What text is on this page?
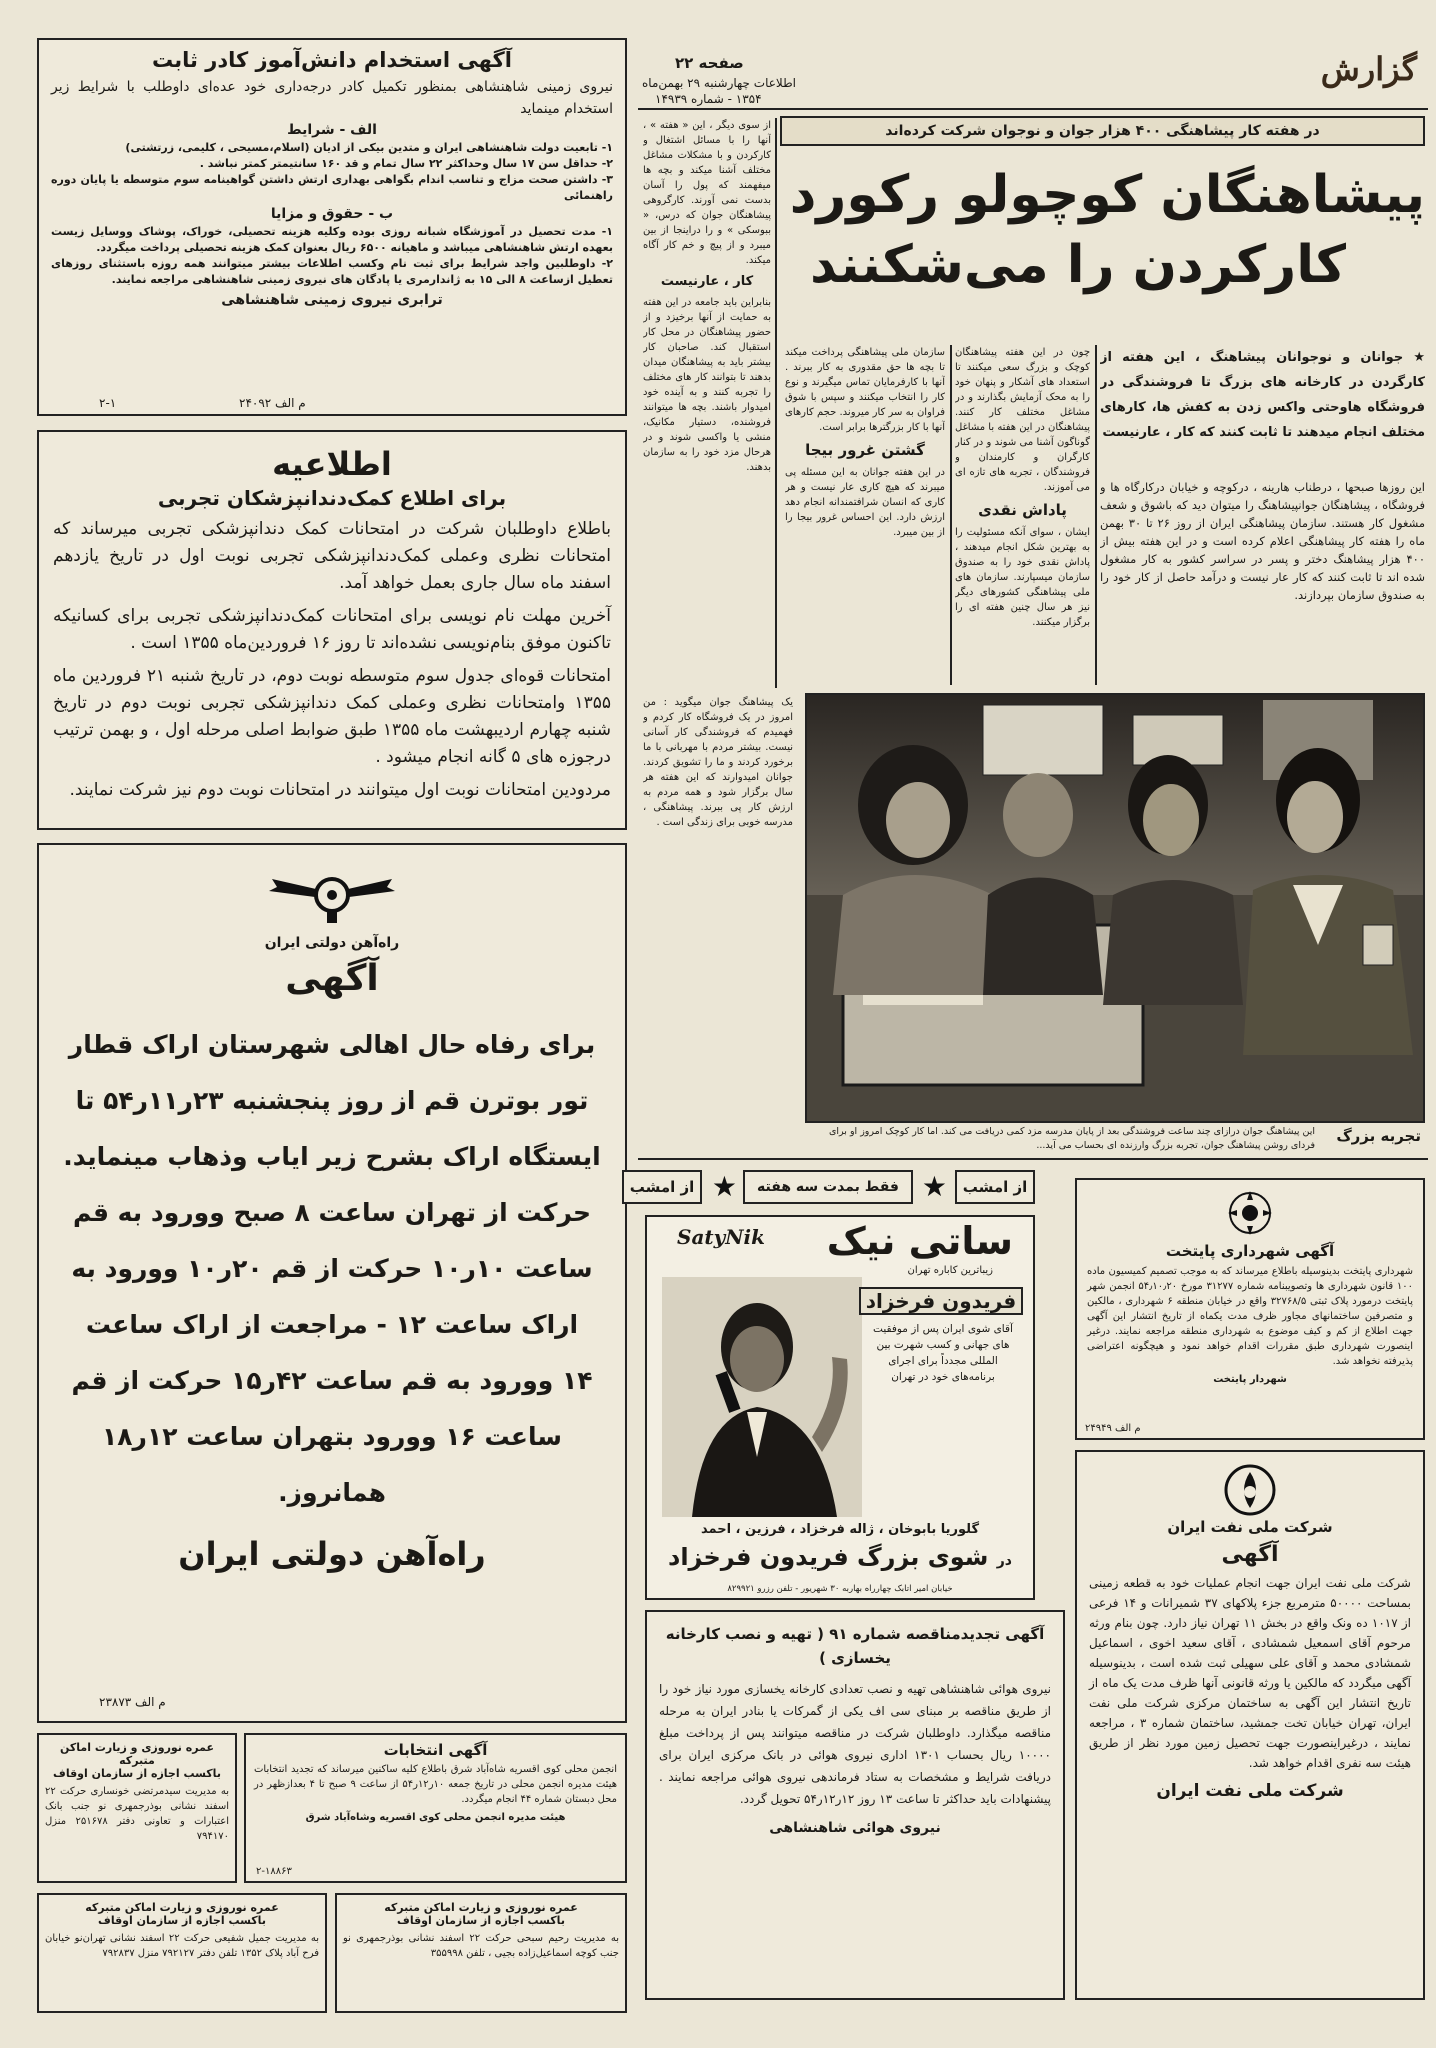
گزارش
صفحه ۲۲
اطلاعات چهارشنبه ۲۹ بهمن‌ماه
۱۳۵۴ - شماره ۱۴۹۳۹
در هفته کار پیشاهنگی ۴۰۰ هزار جوان و نوجوان شرکت کرده‌اند
پیشاهنگان کوچولو رکورد
کارکردن را می‌شکنند

از سوی دیگر ، این « هفته » ، آنها را با مسائل اشتغال و کارکردن و با مشکلات مشاغل مختلف آشنا میکند و بچه ها میفهمند که پول را آسان بدست نمی آورند. کارگروهی پیشاهنگان جوان که درس، « ببوسکی » و را دراینجا از بین میبرد و از پیچ و خم کار آگاه میکند.

کار ، عارنیست

بنابراین باید جامعه در این هفته به حمایت از آنها برخیزد و از حضور پیشاهنگان در محل کار استقبال کند. صاحبان کار بیشتر باید به پیشاهنگان میدان بدهند تا بتوانند کار های مختلف را تجربه کنند و به آینده خود امیدوار باشند. بچه ها میتوانند فروشنده، دستیار مکانیک، منشی یا واکسی شوند و در هرحال مزد خود را به سازمان بدهند.

★ جوانان و نوجوانان پیشاهنگ ، این هفته از کارگردن در کارخانه های بزرگ تا فروشندگی در فروشگاه هاوحتی واکس زدن به کفش ها، کارهای مختلف انجام میدهند تا ثابت کنند که کار ، عارنیست

این روزها صبحها ، درطناب هارینه ، درکوچه و خیابان درکارگاه ها و فروشگاه ، پیشاهنگان جوانپیشاهنگ را میتوان دید که باشوق و شعف مشغول کار هستند. سازمان پیشاهنگی ایران از روز ۲۶ تا ۳۰ بهمن ماه را هفته کار پیشاهنگی اعلام کرده است و در این هفته بیش از ۴۰۰ هزار پیشاهنگ دختر و پسر در سراسر کشور به کار مشغول شده اند تا ثابت کنند که کار عار نیست و درآمد حاصل از کار خود را به صندوق سازمان بپردازند.

چون در این هفته پیشاهنگان کوچک و بزرگ سعی میکنند تا استعداد های آشکار و پنهان خود را به محک آزمایش بگذارند و در مشاغل مختلف کار کنند. پیشاهنگان در این هفته با مشاغل گوناگون آشنا می شوند و در کنار کارگران و کارمندان و فروشندگان ، تجربه های تازه ای می آموزند.

پاداش نقدی

ایشان ، سوای آنکه مسئولیت را به بهترین شکل انجام میدهند ، پاداش نقدی خود را به صندوق سازمان میسپارند. سازمان های ملی پیشاهنگی کشورهای دیگر نیز هر سال چنین هفته ای را برگزار میکنند.

سازمان ملی پیشاهنگی پرداخت میکند تا بچه ها حق مقدوری به کار ببرند . آنها با کارفرمایان تماس میگیرند و نوع کار را انتخاب میکنند و سپس با شوق فراوان به سر کار میروند. حجم کارهای آنها با کار بزرگترها برابر است.

گشتن غرور بیجا

در این هفته جوانان به این مسئله پی میبرند که هیچ کاری عار نیست و هر کاری که انسان شرافتمندانه انجام دهد ارزش دارد. این احساس غرور بیجا را از بین میبرد.

یک پیشاهنگ جوان میگوید : من امروز در یک فروشگاه کار کردم و فهمیدم که فروشندگی کار آسانی نیست. بیشتر مردم با مهربانی با ما برخورد کردند و ما را تشویق کردند. جوانان امیدوارند که این هفته هر سال برگزار شود و همه مردم به ارزش کار پی ببرند. پیشاهنگی ، مدرسه خوبی برای زندگی است .

تجربه بزرگ
این پیشاهنگ جوان درازای چند ساعت فروشندگی بعد از پایان مدرسه مزد کمی دریافت می کند. اما کار کوچک امروز او برای فردای روشن پیشاهنگ جوان، تجربه بزرگ وارزنده ای بحساب می آید...
آگهی استخدام دانش‌آموز کادر ثابت
نیروی زمینی شاهنشاهی بمنظور تکمیل کادر درجه‌داری خود عده‌ای داوطلب با شرایط زیر استخدام مینماید
الف - شرایط
۱- تابعیت دولت شاهنشاهی ایران و متدین بیکی از ادیان (اسلام،مسیحی ، کلیمی، زرتشتی)
۲- حداقل سن ۱۷ سال وحداکثر ۲۲ سال تمام و قد ۱۶۰ سانتیمتر کمتر نباشد .
۳- داشتن صحت مزاج و تناسب اندام بگواهی بهداری ارتش داشتن گواهینامه سوم متوسطه یا پایان دوره راهنمائی
ب - حقوق و مزایا
۱- مدت تحصیل در آموزشگاه شبانه روزی بوده وکلیه هزینه تحصیلی، خوراک، پوشاک ووسایل زیست بعهده ارتش شاهنشاهی میباشد و ماهیانه ۶۵۰۰ ریال بعنوان کمک هزینه تحصیلی پرداخت میگردد.
۲- داوطلبین واجد شرایط برای ثبت نام وکسب اطلاعات بیشتر میتوانند همه روزه باستثنای روزهای تعطیل ازساعت ۸ الی ۱۵ به ژاندارمری یا پادگان های نیروی زمینی شاهنشاهی مراجعه نمایند.
ترابری نیروی زمینی شاهنشاهی
م الف ۲۴۰۹۲
۲-۱
اطلاعیه
برای اطلاع کمک‌دندانپزشکان تجربی

باطلاع داوطلبان شرکت در امتحانات کمک دندانپزشکی تجربی میرساند که امتحانات نظری وعملی کمک‌دندانپزشکی تجربی نوبت اول در تاریخ یازدهم اسفند ماه سال جاری بعمل خواهد آمد.

آخرین مهلت نام نویسی برای امتحانات کمک‌دندانپزشکی تجربی برای کسانیکه تاکنون موفق بنام‌نویسی نشده‌اند تا روز ۱۶ فروردین‌ماه ۱۳۵۵ است .

امتحانات قوه‌ای جدول سوم متوسطه نوبت دوم، در تاریخ شنبه ۲۱ فروردین ماه ۱۳۵۵ وامتحانات نظری وعملی کمک دندانپزشکی تجربی نوبت دوم در تاریخ شنبه چهارم اردیبهشت ماه ۱۳۵۵ طبق ضوابط اصلی مرحله اول ، و بهمن ترتیب درجوزه های ۵ گانه انجام میشود .

مردودین امتحانات نوبت اول میتوانند در امتحانات نوبت دوم نیز شرکت نمایند.

راه‌آهن دولتی ایران
آگهی
برای رفاه حال اهالی شهرستان اراک قطار
تور بوترن قم از روز پنجشنبه ۲۳ر۱۱ر۵۴ تا
ایستگاه اراک بشرح زیر ایاب وذهاب مینماید.
حرکت از تهران ساعت ۸ صبح وورود به قم
ساعت ۱۰ر۱۰ حرکت از قم ۲۰ر۱۰ وورود به
اراک ساعت ۱۲ - مراجعت از اراک ساعت
۱۴ وورود به قم ساعت ۴۲ر۱۵ حرکت از قم
ساعت ۱۶ وورود بتهران ساعت ۱۲ر۱۸
همانروز.
راه‌آهن دولتی ایران
م الف ۲۳۸۷۳
عمره نوروزی و زیارت اماکن متبرکه
باکسب اجازه از سازمان اوقاف
به مدیریت سیدمرتضی خونساری حرکت ۲۲ اسفند نشانی بوذرجمهری نو جنب بانک اعتبارات و تعاونی دفتر ۲۵۱۶۷۸ منزل ۷۹۴۱۷۰
آگهی انتخابات
انجمن محلی کوی اقسریه شاه‌آباد شرق باطلاع کلیه ساکنین میرساند که تجدید انتخابات هیئت مدیره انجمن محلی در تاریخ جمعه ۱۰ر۱۲ر۵۴ از ساعت ۹ صبح تا ۴ بعدازظهر در محل دبستان شماره ۴۴ انجام میگردد.
هیئت مدیره انجمن محلی کوی اقسریه وشاه‌آباد شرق
۲-۱۸۸۶۳
عمره نوروزی و زیارت اماکن متبرکه
باکسب اجازه از سازمان اوقاف
به مدیریت جمیل شفیعی حرکت ۲۲ اسفند نشانی تهران‌نو خیابان فرح آباد پلاک ۱۳۵۲ تلفن دفتر ۷۹۲۱۲۷ منزل ۷۹۲۸۳۷
عمره نوروزی و زیارت اماکن متبرکه
باکسب اجازه از سازمان اوقاف
به مدیریت رحیم سبحی حرکت ۲۲ اسفند نشانی بوذرجمهری نو جنب کوچه اسماعیل‌زاده بجیی ، تلفن ۳۵۵۹۹۸
از امشب
★
فقط بمدت سه هفته
★
از امشب
SatyNik ساتی نیک
زیباترین کاباره تهران
فریدون فرخزاد
آقای شوی ایران پس از موفقیت های جهانی و کسب شهرت بین المللی مجدداً برای اجرای برنامه‌های خود در تهران
گلوریا بابوخان ، ژاله فرخزاد ، فرزین ، احمد
در شوی بزرگ فریدون فرخزاد
خیابان امیر اتابک چهارراه بهاربه ۳۰ شهریور - تلفن رزرو ۸۲۹۹۲۱
آگهی شهرداری پایتخت
شهرداری پایتخت بدینوسیله باطلاع میرساند که به موجب تصمیم کمیسیون ماده ۱۰۰ قانون شهرداری ها وتصویبنامه شماره ۳۱۲۷۷ مورخ ۵۴٫۱۰٫۲۰ انجمن شهر پایتخت درمورد پلاک ثبتی ۳۲۷۶۸/۵ واقع در خیابان منطقه ۶ شهرداری ، مالکین و متصرفین ساختمانهای مجاور ظرف مدت یکماه از تاریخ انتشار این آگهی جهت اطلاع از کم و کیف موضوع به شهرداری منطقه مراجعه نمایند. درغیر اینصورت شهرداری طبق مقررات اقدام خواهد نمود و هیچگونه اعتراضی پذیرفته نخواهد شد.
شهردار پایتخت
م الف ۲۴۹۴۹
شرکت ملی نفت ایران
آگهی
شرکت ملی نفت ایران جهت انجام عملیات خود به قطعه زمینی بمساحت ۵۰۰۰۰ مترمربع جزء پلاکهای ۳۷ شمیرانات و ۱۴ فرعی از ۱۰۱۷ ده ونک واقع در بخش ۱۱ تهران نیاز دارد. چون بنام ورثه مرحوم آقای اسمعیل شمشادی ، آقای سعید اخوی ، اسماعیل شمشادی محمد و آقای علی سهیلی ثبت شده است ، بدینوسیله آگهی میگردد که مالکین یا ورثه قانونی آنها ظرف مدت یک ماه از تاریخ انتشار این آگهی به ساختمان مرکزی شرکت ملی نفت ایران، تهران خیابان تخت جمشید، ساختمان شماره ۳ ، مراجعه نمایند ، درغیراینصورت جهت تحصیل زمین مورد نظر از طریق هیئت سه نفری اقدام خواهد شد.
شرکت ملی نفت ایران
آگهی تجدیدمناقصه شماره ۹۱ ( تهیه و نصب کارخانه یخسازی )
نیروی هوائی شاهنشاهی تهیه و نصب تعدادی کارخانه یخسازی مورد نیاز خود را از طریق مناقصه بر مبنای سی اف یکی از گمرکات یا بنادر ایران به مرحله مناقصه میگذارد. داوطلبان شرکت در مناقصه میتوانند پس از پرداخت مبلغ ۱۰۰۰۰ ریال بحساب ۱۳۰۱ اداری نیروی هوائی در بانک مرکزی ایران برای دریافت شرایط و مشخصات به ستاد فرماندهی نیروی هوائی مراجعه نمایند . پیشنهادات باید حداکثر تا ساعت ۱۳ روز ۱۲ر۱۲ر۵۴ تحویل گردد.
نیروی هوائی شاهنشاهی
